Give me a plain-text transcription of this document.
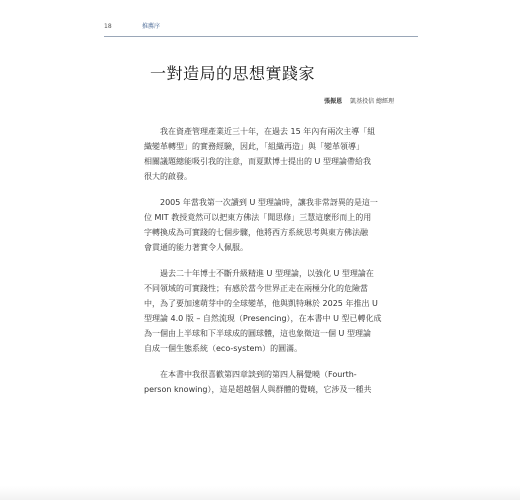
18	推薦序
一對造局的思想實踐家
張振恩 凱基投信 總經理

我在資產管理產業近三十年，在過去 15 年內有兩次主導「組
織變革轉型」的實務經驗，因此，「組織再造」與「變革領導」
相關議題總能吸引我的注意，而夏默博士提出的 U 型理論帶給我
很大的啟發。

2005 年當我第一次讀到 U 型理論時，讓我非常訝異的是這一
位 MIT 教授竟然可以把東方佛法「聞思修」三慧這麼形而上的用
字轉換成為可實踐的七個步驟，他將西方系統思考與東方佛法融
會貫通的能力著實令人佩服。

過去二十年博士不斷升級精進 U 型理論，以強化 U 型理論在
不同領域的可實踐性；有感於當今世界正走在兩極分化的危險當
中，為了要加速萌芽中的全球變革，他與凱特琳於 2025 年推出 U
型理論 4.0 版 – 自然流現（Presencing），在本書中 U 型已轉化成
為一個由上半球和下半球成的圓球體，這也象徵這一個 U 型理論
自成一個生態系統（eco-system）的圓滿。

在本書中我很喜歡第四章談到的第四人稱覺曉（Fourth-
person knowing），這是超越個人與群體的覺曉，它涉及一種共
